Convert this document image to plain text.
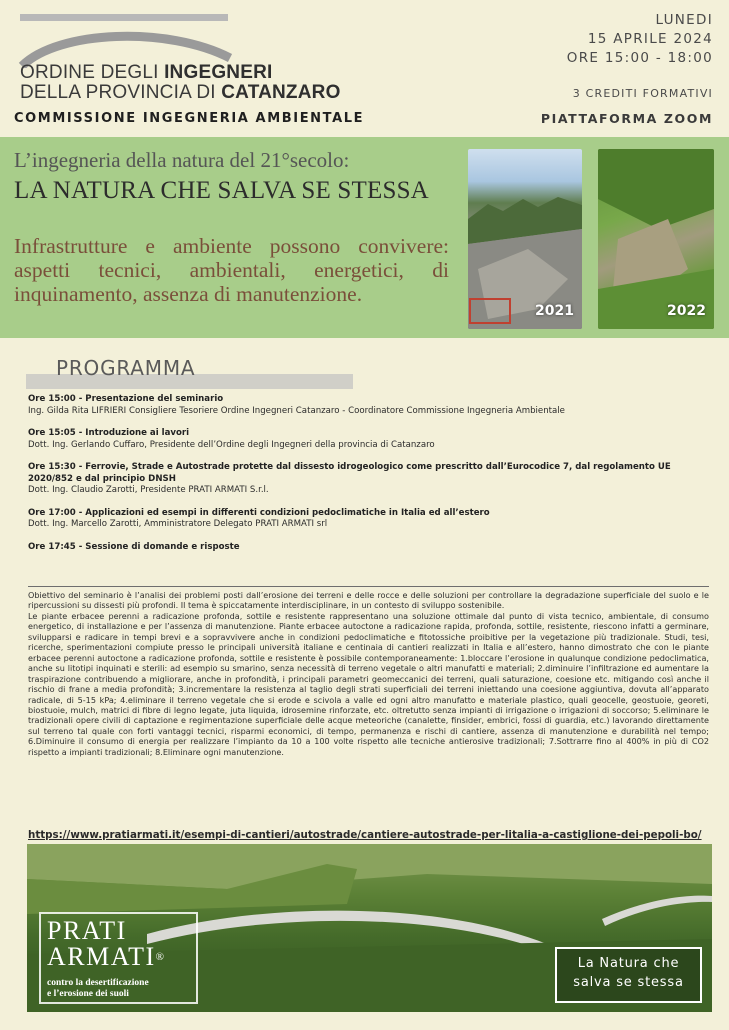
ORDINE DEGLI INGEGNERI
DELLA PROVINCIA DI CATANZARO
COMMISSIONE INGEGNERIA AMBIENTALE
LUNEDI
15 APRILE 2024
ORE 15:00 - 18:00
3 CREDITI FORMATIVI
PIATTAFORMA ZOOM
L’ingegneria della natura del 21°secolo:
LA NATURA CHE SALVA SE STESSA
Infrastrutture e ambiente possono convivere: aspetti tecnici, ambientali, energetici, di inquinamento, assenza di manutenzione.
2021	2022
PROGRAMMA
Ore 15:00 - Presentazione del seminario
Ing. Gilda Rita LIFRIERI Consigliere Tesoriere Ordine Ingegneri Catanzaro - Coordinatore Commissione Ingegneria Ambientale
Ore 15:05 - Introduzione ai lavori
Dott. Ing. Gerlando Cuffaro, Presidente dell’Ordine degli Ingegneri della provincia di Catanzaro
Ore 15:30 - Ferrovie, Strade e Autostrade protette dal dissesto idrogeologico come prescritto dall’Eurocodice 7, dal regolamento UE 2020/852 e dal principio DNSH
Dott. Ing. Claudio Zarotti, Presidente PRATI ARMATI S.r.l.
Ore 17:00 - Applicazioni ed esempi in differenti condizioni pedoclimatiche in Italia ed all’estero
Dott. Ing. Marcello Zarotti, Amministratore Delegato PRATI ARMATI srl
Ore 17:45 - Sessione di domande e risposte

Obiettivo del seminario è l’analisi dei problemi posti dall’erosione dei terreni e delle rocce e delle soluzioni per controllare la degradazione superficiale del suolo e le ripercussioni su dissesti più profondi. Il tema è spiccatamente interdisciplinare, in un contesto di sviluppo sostenibile.

Le piante erbacee perenni a radicazione profonda, sottile e resistente rappresentano una soluzione ottimale dal punto di vista tecnico, ambientale, di consumo energetico, di installazione e per l’assenza di manutenzione. Piante erbacee autoctone a radicazione rapida, profonda, sottile, resistente, riescono infatti a germinare, svilupparsi e radicare in tempi brevi e a sopravvivere anche in condizioni pedoclimatiche e fitotossiche proibitive per la vegetazione più tradizionale. Studi, tesi, ricerche, sperimentazioni compiute presso le principali università italiane e centinaia di cantieri realizzati in Italia e all’estero, hanno dimostrato che con le piante erbacee perenni autoctone a radicazione profonda, sottile e resistente è possibile contemporaneamente: 1.bloccare l’erosione in qualunque condizione pedoclimatica, anche su litotipi inquinati e sterili: ad esempio su smarino, senza necessità di terreno vegetale o altri manufatti e materiali; 2.diminuire l’infiltrazione ed aumentare la traspirazione contribuendo a migliorare, anche in profondità, i principali parametri geomeccanici dei terreni, quali saturazione, coesione etc. mitigando così anche il rischio di frane a media profondità; 3.incrementare la resistenza al taglio degli strati superficiali dei terreni iniettando una coesione aggiuntiva, dovuta all’apparato radicale, di 5-15 kPa; 4.eliminare il terreno vegetale che si erode e scivola a valle ed ogni altro manufatto e materiale plastico, quali geocelle, geostuoie, georeti, biostuoie, mulch, matrici di fibre di legno legate, juta liquida, idrosemine rinforzate, etc. oltretutto senza impianti di irrigazione o irrigazioni di soccorso; 5.eliminare le tradizionali opere civili di captazione e regimentazione superficiale delle acque meteoriche (canalette, finsider, embrici, fossi di guardia, etc.) lavorando direttamente sul terreno tal quale con forti vantaggi tecnici, risparmi economici, di tempo, permanenza e rischi di cantiere, assenza di manutenzione e durabilità nel tempo; 6.Diminuire il consumo di energia per realizzare l’impianto da 10 a 100 volte rispetto alle tecniche antierosive tradizionali; 7.Sottrarre fino al 400% in più di CO2 rispetto a impianti tradizionali; 8.Eliminare ogni manutenzione.

https://www.pratiarmati.it/esempi-di-cantieri/autostrade/cantiere-autostrade-per-litalia-a-castiglione-dei-pepoli-bo/
PRATI
ARMATI®
contro la desertificazione
e l’erosione dei suoli
La Natura che
salva se stessa
